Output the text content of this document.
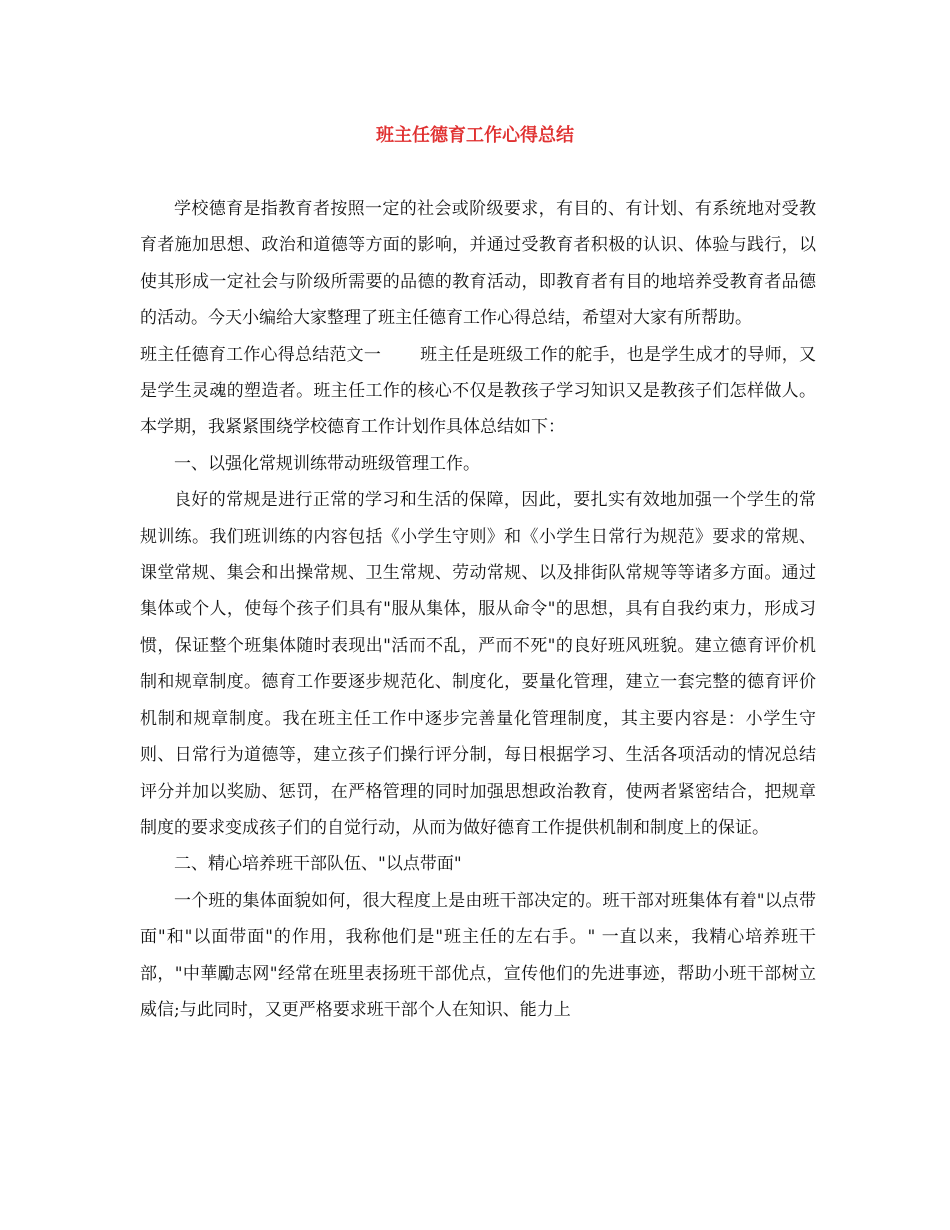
班主任德育工作心得总结

学校德育是指教育者按照一定的社会或阶级要求，有目的、有计划、有系统地对受教育者施加思想、政治和道德等方面的影响，并通过受教育者积极的认识、体验与践行，以使其形成一定社会与阶级所需要的品德的教育活动，即教育者有目的地培养受教育者品德的活动。今天小编给大家整理了班主任德育工作心得总结，希望对大家有所帮助。

班主任德育工作心得总结范文一 班主任是班级工作的舵手，也是学生成才的导师，又是学生灵魂的塑造者。班主任工作的核心不仅是教孩子学习知识又是教孩子们怎样做人。本学期，我紧紧围绕学校德育工作计划作具体总结如下：

一、以强化常规训练带动班级管理工作。

良好的常规是进行正常的学习和生活的保障，因此，要扎实有效地加强一个学生的常规训练。我们班训练的内容包括《小学生守则》和《小学生日常行为规范》要求的常规、课堂常规、集会和出操常规、卫生常规、劳动常规、以及排街队常规等等诸多方面。通过集体或个人，使每个孩子们具有"服从集体，服从命令"的思想，具有自我约束力，形成习惯，保证整个班集体随时表现出"活而不乱，严而不死"的良好班风班貌。建立德育评价机制和规章制度。德育工作要逐步规范化、制度化，要量化管理，建立一套完整的德育评价机制和规章制度。我在班主任工作中逐步完善量化管理制度，其主要内容是：小学生守则、日常行为道德等，建立孩子们操行评分制，每日根据学习、生活各项活动的情况总结评分并加以奖励、惩罚，在严格管理的同时加强思想政治教育，使两者紧密结合，把规章制度的要求变成孩子们的自觉行动，从而为做好德育工作提供机制和制度上的保证。

二、精心培养班干部队伍、"以点带面"

一个班的集体面貌如何，很大程度上是由班干部决定的。班干部对班集体有着"以点带面"和"以面带面"的作用，我称他们是"班主任的左右手。" 一直以来，我精心培养班干部，"中華勵志网"经常在班里表扬班干部优点，宣传他们的先进事迹，帮助小班干部树立威信;与此同时，又更严格要求班干部个人在知识、能力上
